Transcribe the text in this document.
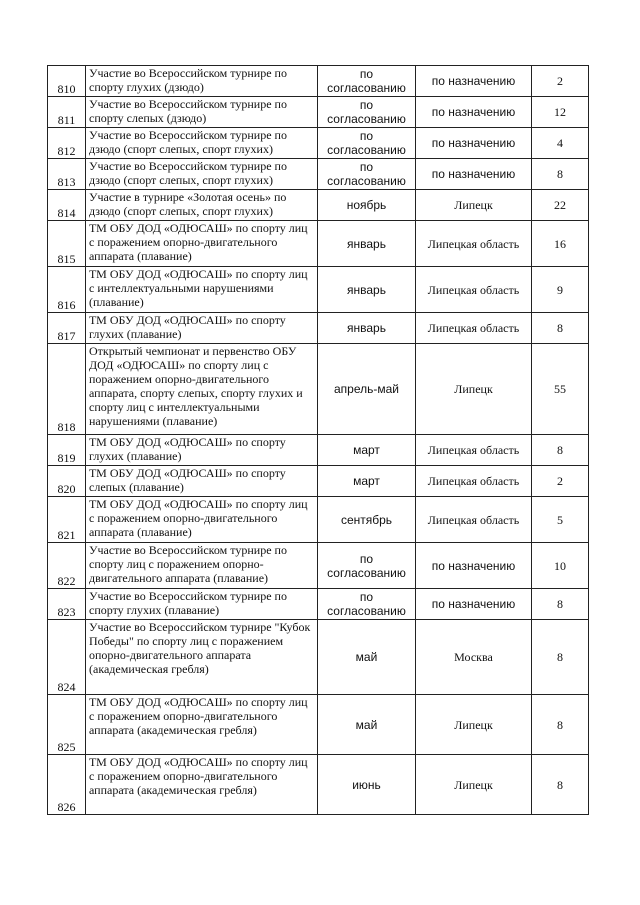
810	Участие во Всероссийском турнире по спорту глухих (дзюдо)	по согласованию	по назначению	2
811	Участие во Всероссийском турнире по спорту слепых (дзюдо)	по согласованию	по назначению	12
812	Участие во Всероссийском турнире по дзюдо (спорт слепых, спорт глухих)	по согласованию	по назначению	4
813	Участие во Всероссийском турнире по дзюдо (спорт слепых, спорт глухих)	по согласованию	по назначению	8
814	Участие в турнире «Золотая осень» по дзюдо (спорт слепых, спорт глухих)	ноябрь	Липецк	22
815	ТМ ОБУ ДОД «ОДЮСАШ» по спорту лиц с поражением опорно-двигательного аппарата (плавание)	январь	Липецкая область	16
816	ТМ ОБУ ДОД «ОДЮСАШ» по спорту лиц с интеллектуальными нарушениями (плавание)	январь	Липецкая область	9
817	ТМ ОБУ ДОД «ОДЮСАШ» по спорту глухих (плавание)	январь	Липецкая область	8
818	Открытый чемпионат и первенство ОБУ ДОД «ОДЮСАШ» по спорту лиц с поражением опорно-двигательного аппарата, спорту слепых, спорту глухих и спорту лиц с интеллектуальными нарушениями (плавание)	апрель-май	Липецк	55
819	ТМ ОБУ ДОД «ОДЮСАШ» по спорту глухих (плавание)	март	Липецкая область	8
820	ТМ ОБУ ДОД «ОДЮСАШ» по спорту слепых (плавание)	март	Липецкая область	2
821	ТМ ОБУ ДОД «ОДЮСАШ» по спорту лиц с поражением опорно-двигательного аппарата (плавание)	сентябрь	Липецкая область	5
822	Участие во Всероссийском турнире по спорту лиц с поражением опорно-двигательного аппарата (плавание)	по согласованию	по назначению	10
823	Участие во Всероссийском турнире по спорту глухих (плавание)	по согласованию	по назначению	8
824	Участие во Всероссийском турнире "Кубок Победы" по спорту лиц с поражением опорно-двигательного аппарата (академическая гребля)	май	Москва	8
825	ТМ ОБУ ДОД «ОДЮСАШ» по спорту лиц с поражением опорно-двигательного аппарата (академическая гребля)	май	Липецк	8
826	ТМ ОБУ ДОД «ОДЮСАШ» по спорту лиц с поражением опорно-двигательного аппарата (академическая гребля)	июнь	Липецк	8
